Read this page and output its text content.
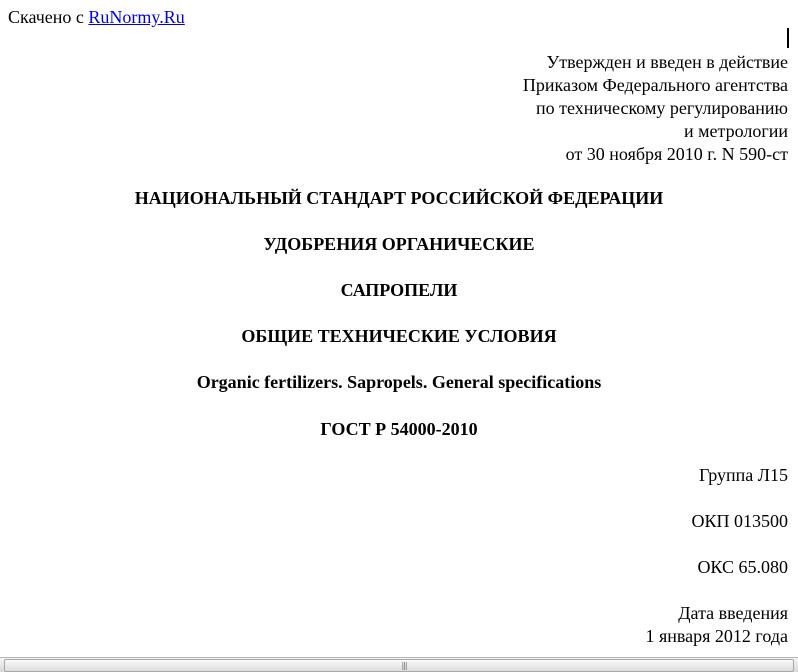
Скачено с RuNormy.Ru
Утвержден и введен в действие
Приказом Федерального агентства
по техническому регулированию
и метрологии
от 30 ноября 2010 г. N 590-ст
НАЦИОНАЛЬНЫЙ СТАНДАРТ РОССИЙСКОЙ ФЕДЕРАЦИИ
УДОБРЕНИЯ ОРГАНИЧЕСКИЕ
САПРОПЕЛИ
ОБЩИЕ ТЕХНИЧЕСКИЕ УСЛОВИЯ
Organic fertilizers. Sapropels. General specifications
ГОСТ Р 54000-2010
Группа Л15
ОКП 013500
ОКС 65.080
Дата введения
1 января 2012 года
|||
